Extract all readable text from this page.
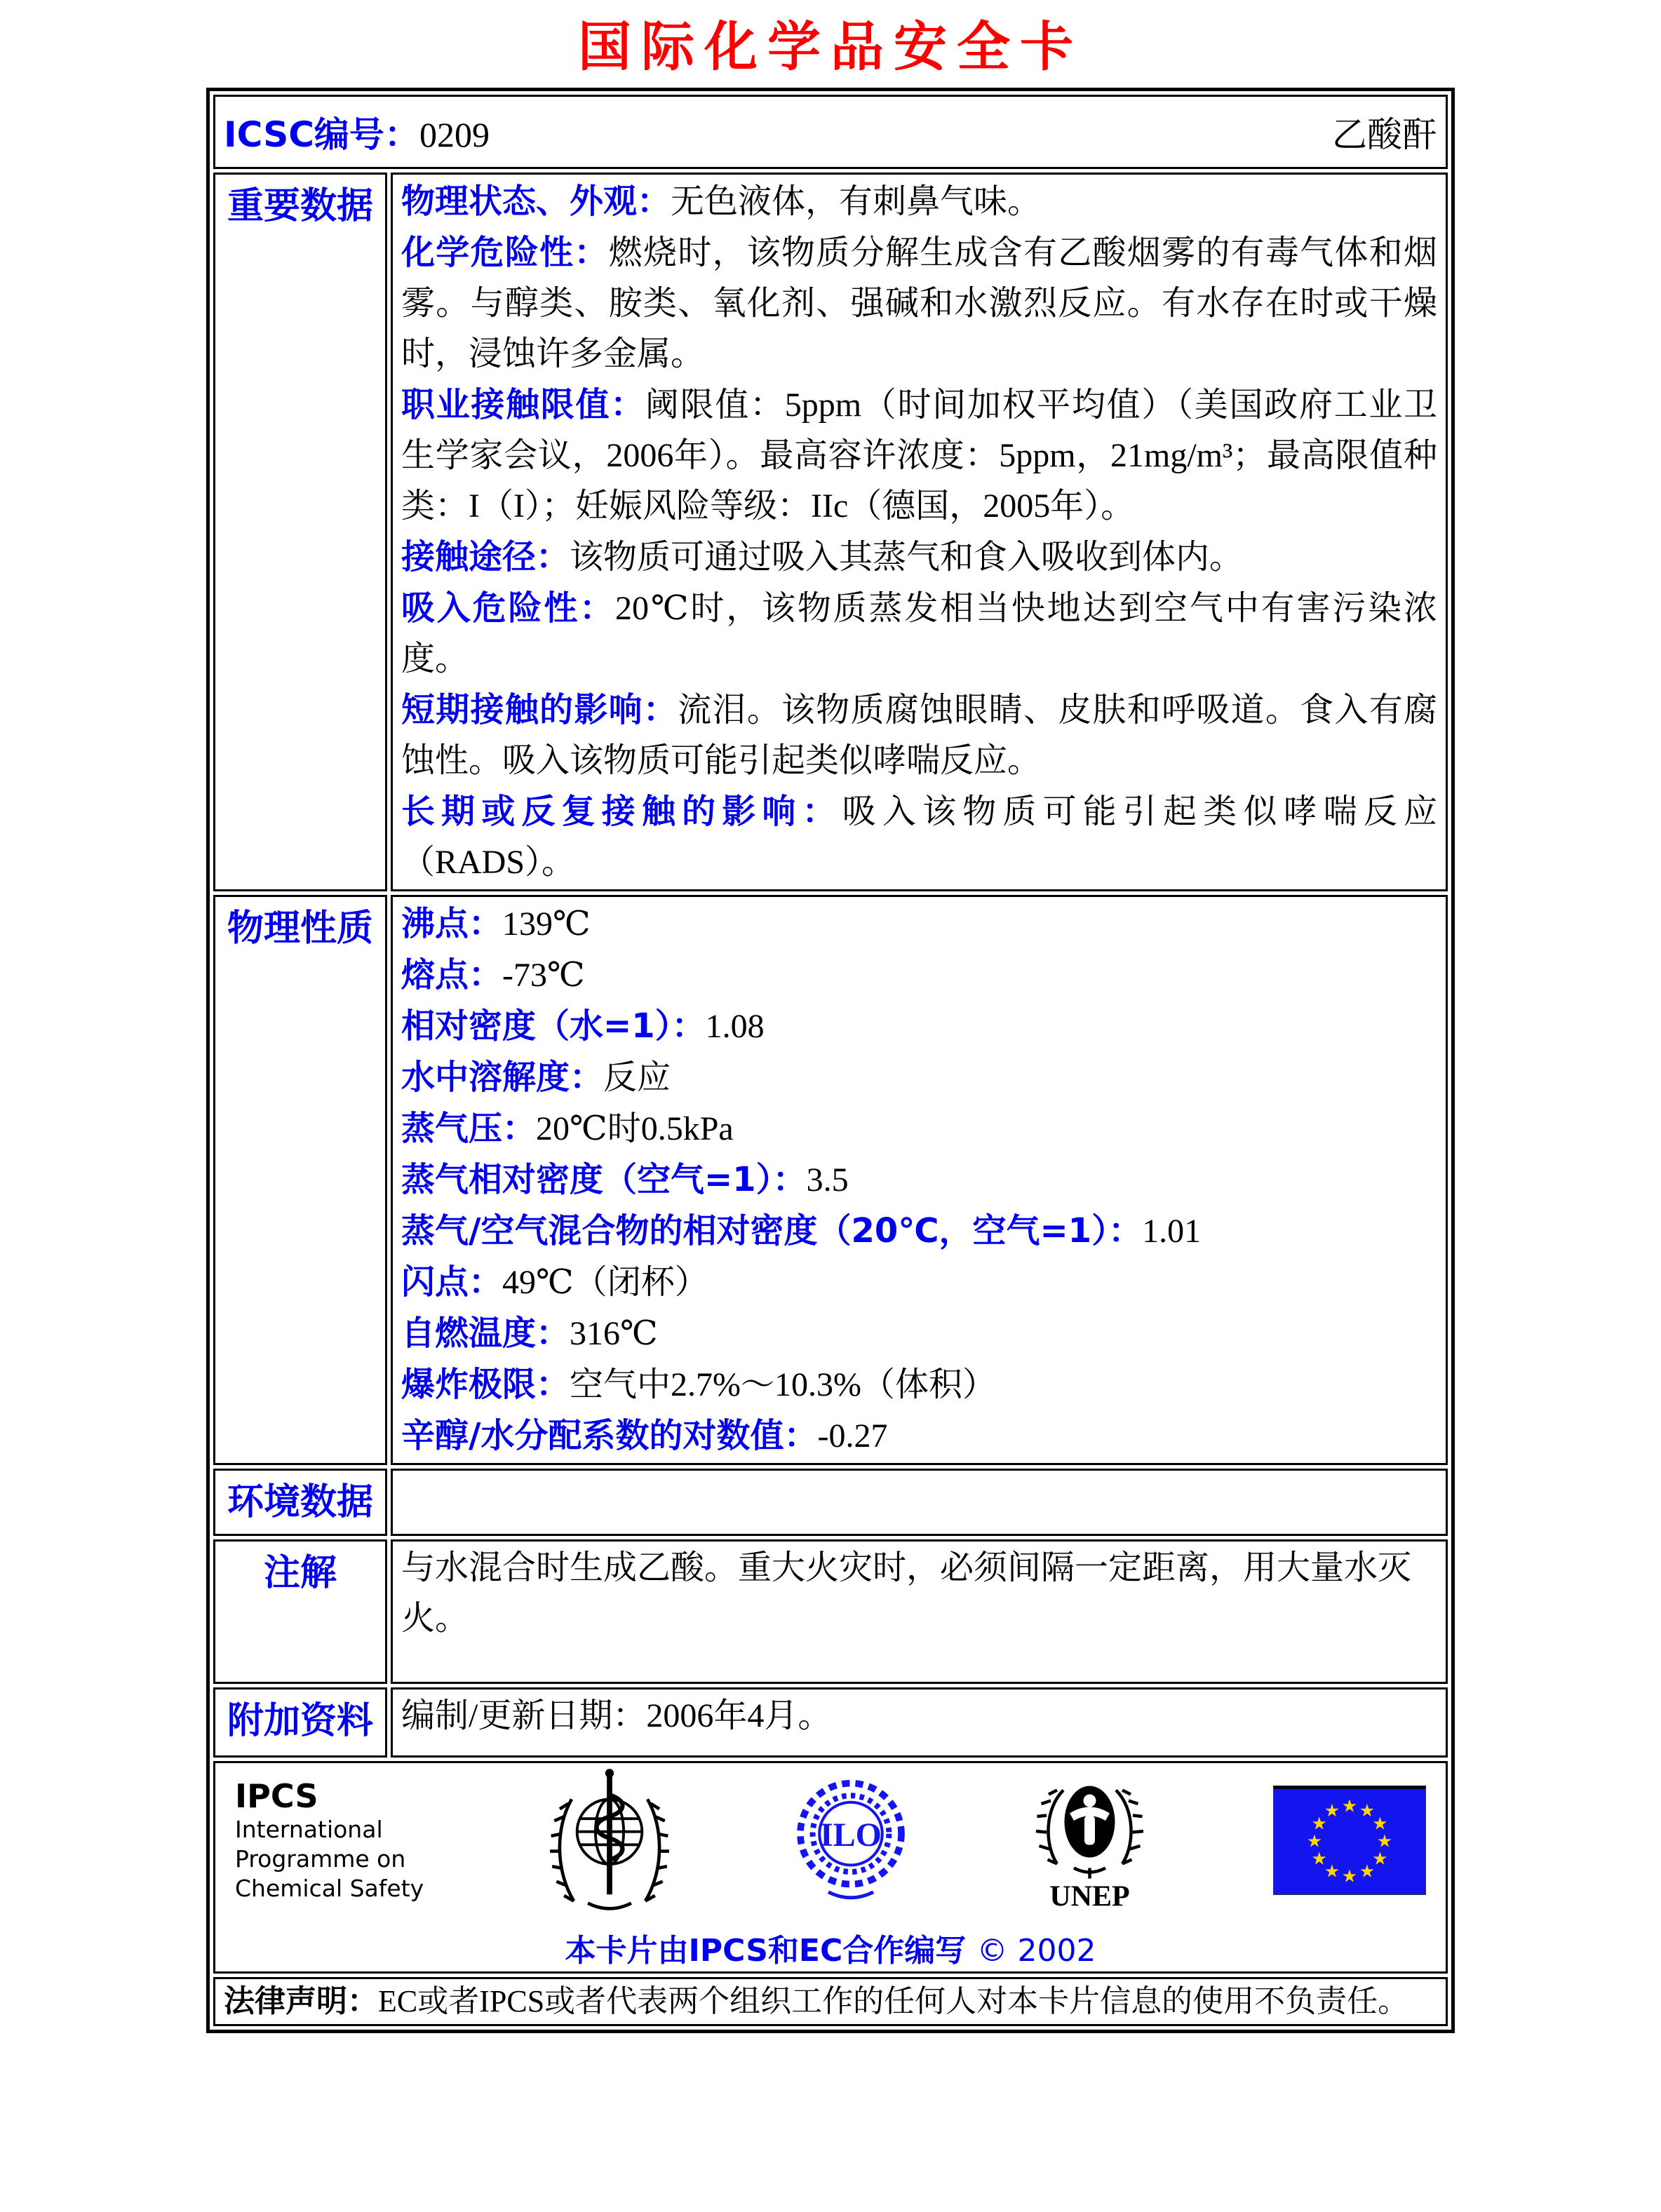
国际化学品安全卡
ICSC编号：0209 乙酸酐	

重要数据	物理状态、外观：无色液体，有刺鼻气味。

化学危险性：燃烧时，该物质分解生成含有乙酸烟雾的有毒气体和烟雾。与醇类、胺类、氧化剂、强碱和水激烈反应。有水存在时或干燥时，浸蚀许多金属。

职业接触限值：阈限值：5ppm（时间加权平均值）（美国政府工业卫生学家会议，2006年）。最高容许浓度：5ppm，21mg/m³；最高限值种类：I（I）；妊娠风险等级：IIc（德国，2005年）。

接触途径：该物质可通过吸入其蒸气和食入吸收到体内。

吸入危险性：20℃时，该物质蒸发相当快地达到空气中有害污染浓度。

短期接触的影响：流泪。该物质腐蚀眼睛、皮肤和呼吸道。食入有腐蚀性。吸入该物质可能引起类似哮喘反应。

长期或反复接触的影响：吸入该物质可能引起类似哮喘反应（RADS）。

物理性质	沸点：139℃

熔点：-73℃

相对密度（水=1）：1.08

水中溶解度：反应

蒸气压：20℃时0.5kPa

蒸气相对密度（空气=1）：3.5

蒸气/空气混合物的相对密度（20℃，空气=1）：1.01

闪点：49℃（闭杯）

自燃温度：316℃

爆炸极限：空气中2.7%～10.3%（体积）

辛醇/水分配系数的对数值：-0.27

环境数据	
注解	与水混合时生成乙酸。重大火灾时，必须间隔一定距离，用大量水灭火。

附加资料	编制/更新日期：2006年4月。

IPCS
International
Programme on
Chemical Safety
ILO
UNEP
★ ★
★
★
★
★
★
★
★
★
★
★
本卡片由IPCS和EC合作编写 © 2002

法律声明：EC或者IPCS或者代表两个组织工作的任何人对本卡片信息的使用不负责任。	
